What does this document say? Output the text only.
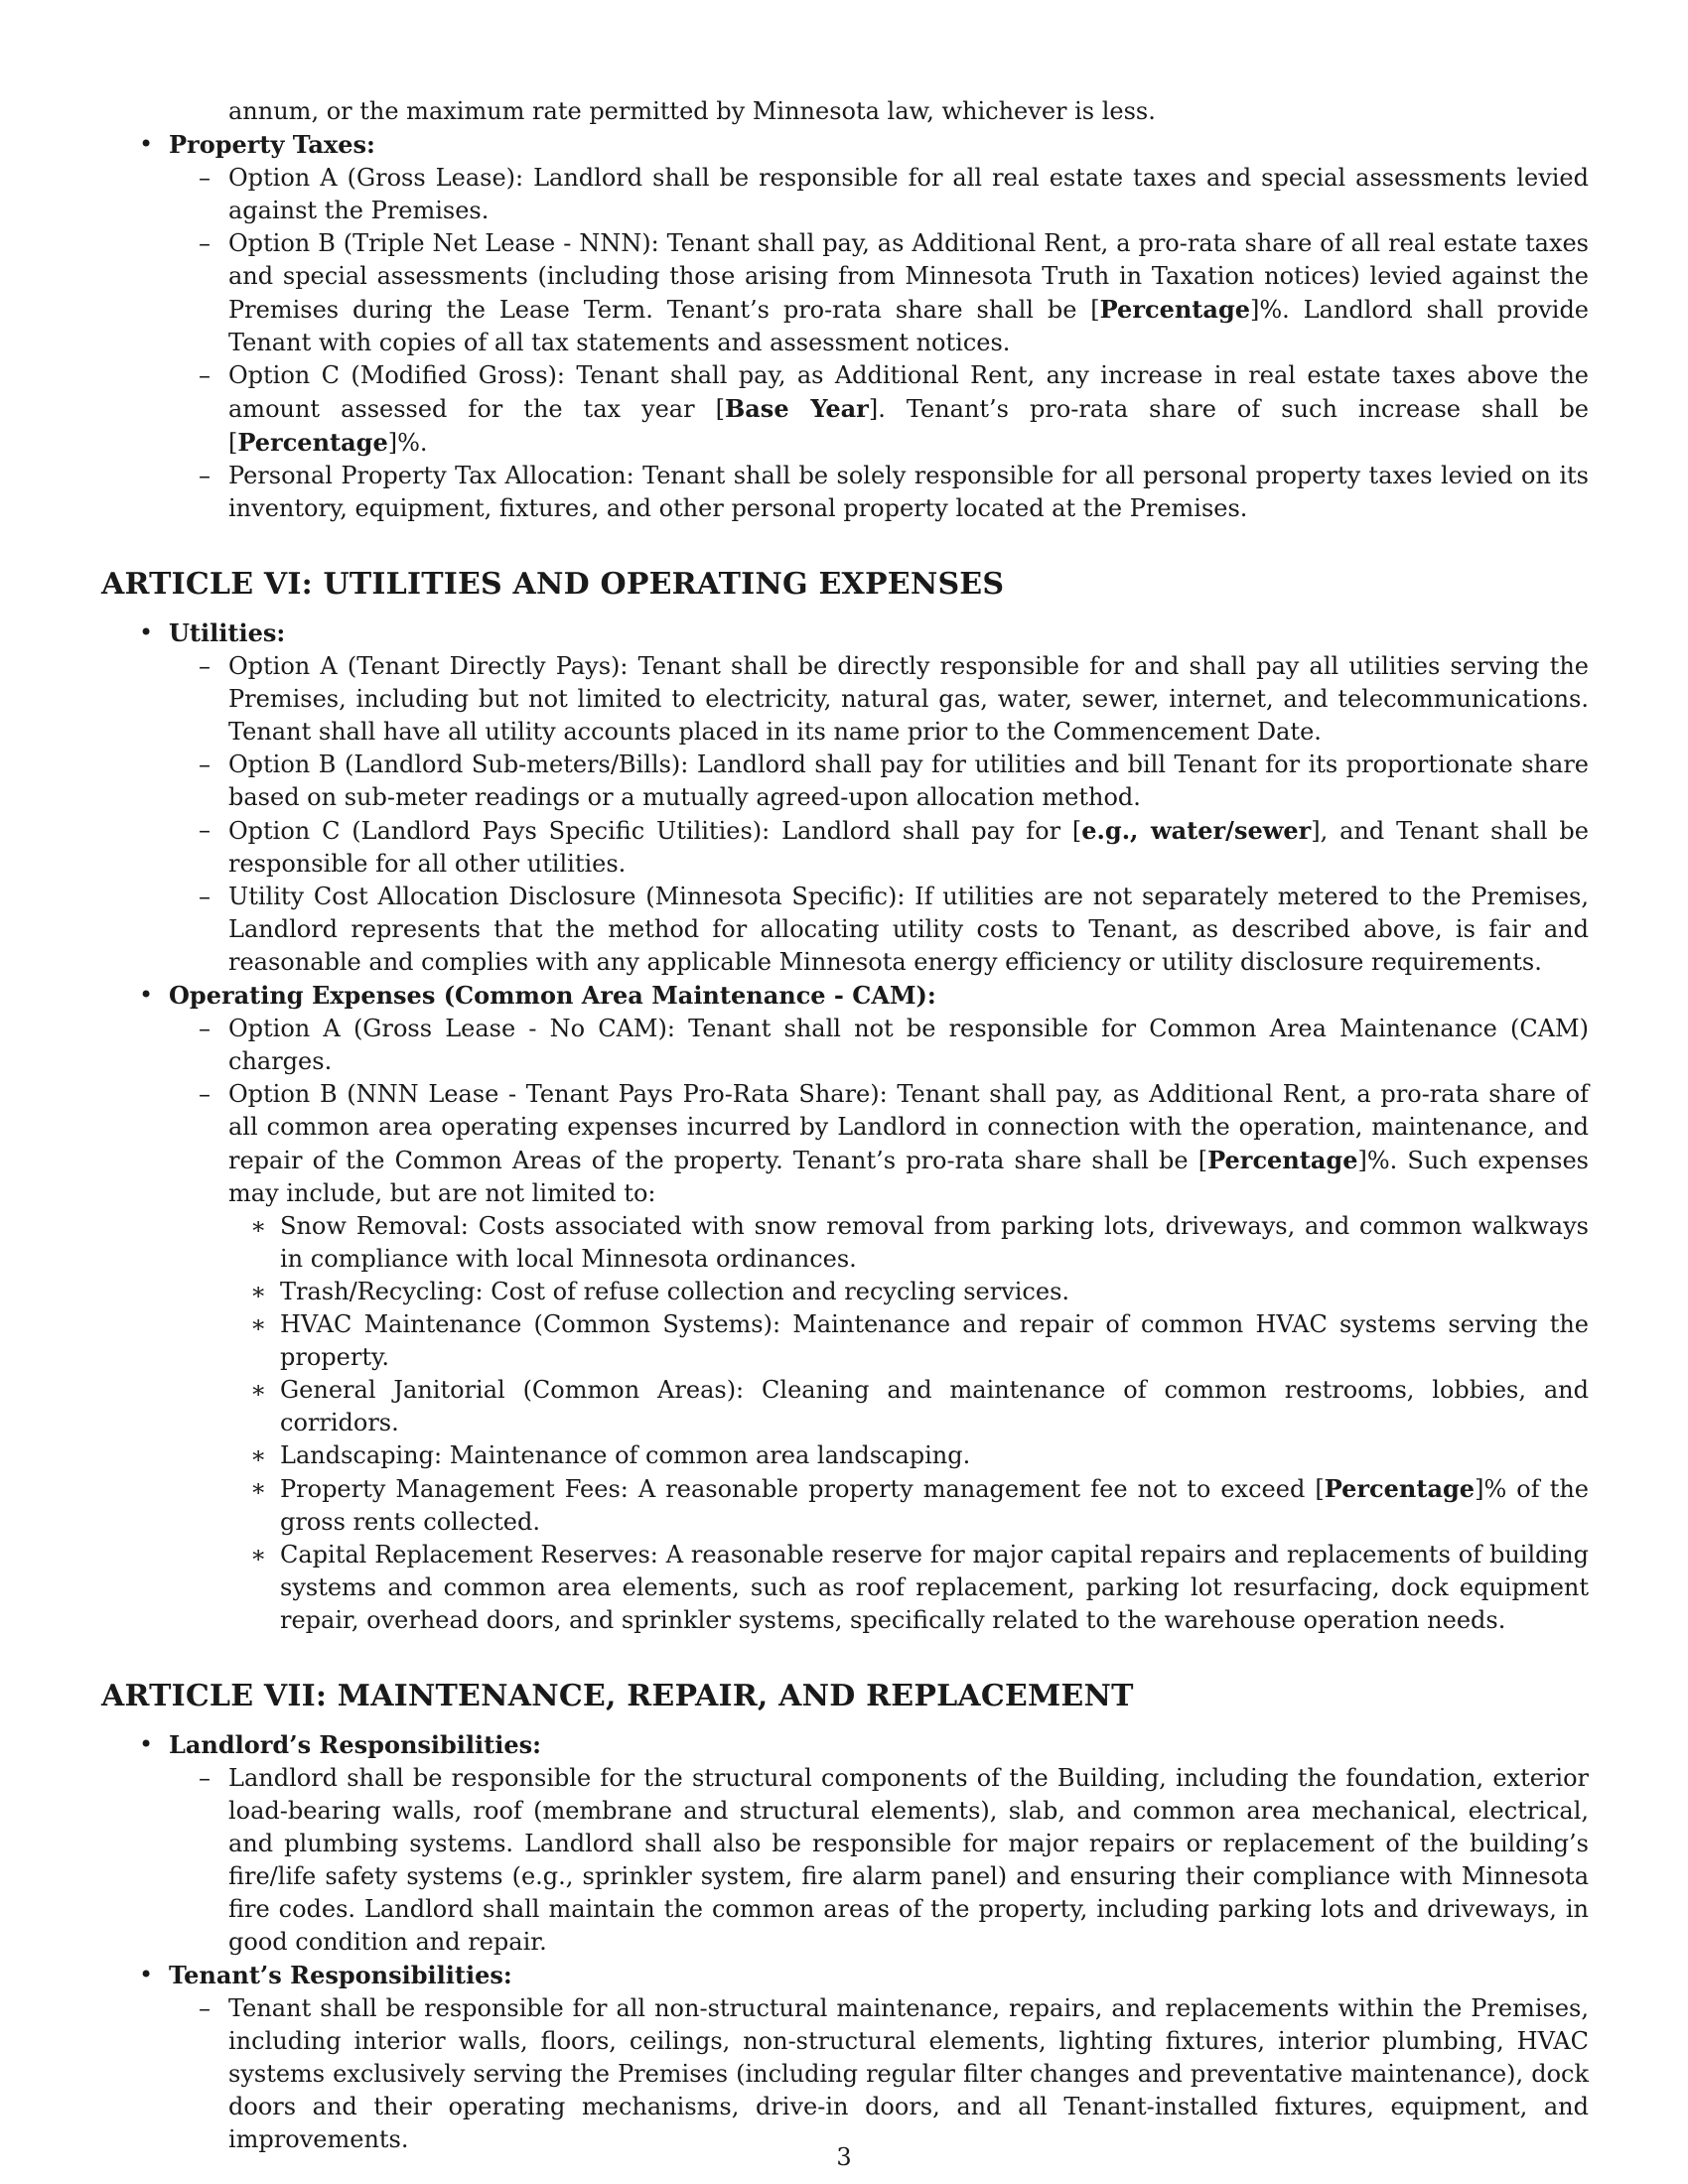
annum, or the maximum rate permitted by Minnesota law, whichever is less.
• Property Taxes:
– Option A (Gross Lease): Landlord shall be responsible for all real estate taxes and special assessments levied against the Premises.
– Option B (Triple Net Lease - NNN): Tenant shall pay, as Additional Rent, a pro-rata share of all real estate taxes and special assessments (including those arising from Minnesota Truth in Taxation notices) levied against the Premises during the Lease Term. Tenant’s pro-rata share shall be [Percentage]%. Landlord shall provide Tenant with copies of all tax statements and assessment notices.
– Option C (Modified Gross): Tenant shall pay, as Additional Rent, any increase in real estate taxes above the amount assessed for the tax year [Base Year]. Tenant’s pro-rata share of such increase shall be [Percentage]%.
– Personal Property Tax Allocation: Tenant shall be solely responsible for all personal property taxes levied on its inventory, equipment, fixtures, and other personal property located at the Premises.
ARTICLE VI: UTILITIES AND OPERATING EXPENSES
• Utilities:
– Option A (Tenant Directly Pays): Tenant shall be directly responsible for and shall pay all utilities serving the Premises, including but not limited to electricity, natural gas, water, sewer, internet, and telecommunications. Tenant shall have all utility accounts placed in its name prior to the Commencement Date.
– Option B (Landlord Sub-meters/Bills): Landlord shall pay for utilities and bill Tenant for its proportionate share based on sub-meter readings or a mutually agreed-upon allocation method.
– Option C (Landlord Pays Specific Utilities): Landlord shall pay for [e.g., water/sewer], and Tenant shall be responsible for all other utilities.
– Utility Cost Allocation Disclosure (Minnesota Specific): If utilities are not separately metered to the Premises, Landlord represents that the method for allocating utility costs to Tenant, as described above, is fair and reasonable and complies with any applicable Minnesota energy efficiency or utility disclosure requirements.
• Operating Expenses (Common Area Maintenance - CAM):
– Option A (Gross Lease - No CAM): Tenant shall not be responsible for Common Area Maintenance (CAM) charges.
– Option B (NNN Lease - Tenant Pays Pro-Rata Share): Tenant shall pay, as Additional Rent, a pro-rata share of all common area operating expenses incurred by Landlord in connection with the operation, maintenance, and repair of the Common Areas of the property. Tenant’s pro-rata share shall be [Percentage]%. Such expenses may include, but are not limited to:
∗ Snow Removal: Costs associated with snow removal from parking lots, driveways, and common walkways in compliance with local Minnesota ordinances.
∗ Trash/Recycling: Cost of refuse collection and recycling services.
∗ HVAC Maintenance (Common Systems): Maintenance and repair of common HVAC systems serving the property.
∗ General Janitorial (Common Areas): Cleaning and maintenance of common restrooms, lobbies, and corridors.
∗ Landscaping: Maintenance of common area landscaping.
∗ Property Management Fees: A reasonable property management fee not to exceed [Percentage]% of the gross rents collected.
∗ Capital Replacement Reserves: A reasonable reserve for major capital repairs and replacements of building systems and common area elements, such as roof replacement, parking lot resurfacing, dock equipment repair, overhead doors, and sprinkler systems, specifically related to the warehouse operation needs.
ARTICLE VII: MAINTENANCE, REPAIR, AND REPLACEMENT
• Landlord’s Responsibilities:
– Landlord shall be responsible for the structural components of the Building, including the foundation, exterior load-bearing walls, roof (membrane and structural elements), slab, and common area mechanical, electrical, and plumbing systems. Landlord shall also be responsible for major repairs or replacement of the building’s fire/life safety systems (e.g., sprinkler system, fire alarm panel) and ensuring their compliance with Minnesota fire codes. Landlord shall maintain the common areas of the property, including parking lots and driveways, in good condition and repair.
• Tenant’s Responsibilities:
– Tenant shall be responsible for all non-structural maintenance, repairs, and replacements within the Premises, including interior walls, floors, ceilings, non-structural elements, lighting fixtures, interior plumbing, HVAC systems exclusively serving the Premises (including regular filter changes and preventative maintenance), dock doors and their operating mechanisms, drive-in doors, and all Tenant-installed fixtures, equipment, and improvements.
3
